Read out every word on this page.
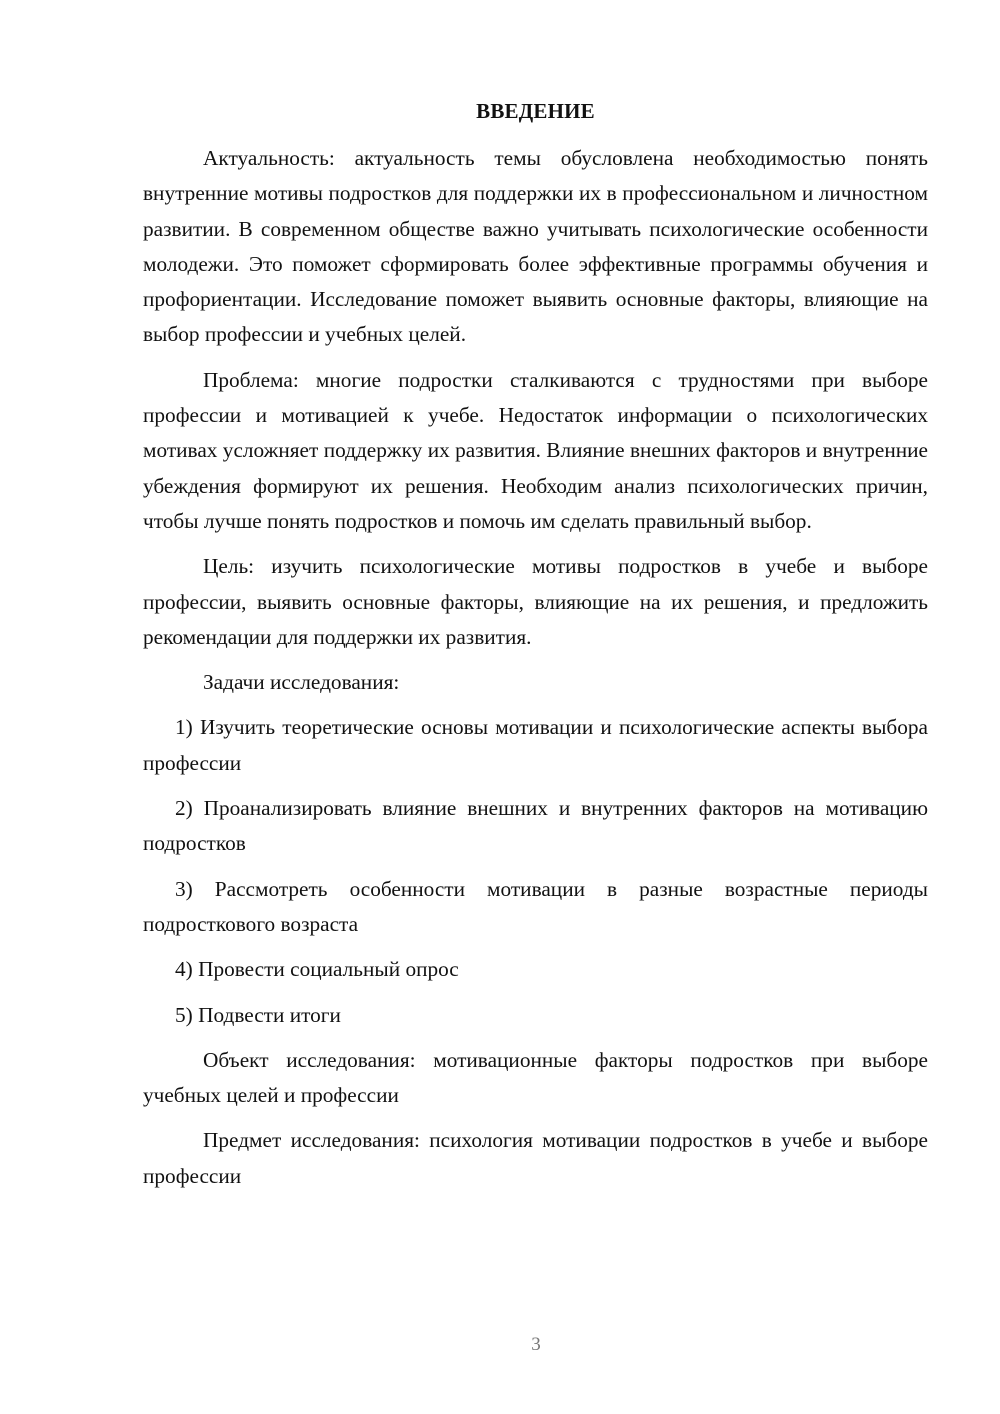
ВВЕДЕНИЕ

Актуальность: актуальность темы обусловлена необходимостью понять внутренние мотивы подростков для поддержки их в профессиональном и личностном развитии. В современном обществе важно учитывать психологические особенности молодежи. Это поможет сформировать более эффективные программы обучения и профориентации. Исследование поможет выявить основные факторы, влияющие на выбор профессии и учебных целей.

Проблема: многие подростки сталкиваются с трудностями при выборе профессии и мотивацией к учебе. Недостаток информации о психологических мотивах усложняет поддержку их развития. Влияние внешних факторов и внутренние убеждения формируют их решения. Необходим анализ психологических причин, чтобы лучше понять подростков и помочь им сделать правильный выбор.

Цель: изучить психологические мотивы подростков в учебе и выборе профессии, выявить основные факторы, влияющие на их решения, и предложить рекомендации для поддержки их развития.

Задачи исследования:

1) Изучить теоретические основы мотивации и психологические аспекты выбора профессии

2) Проанализировать влияние внешних и внутренних факторов на мотивацию подростков

3) Рассмотреть особенности мотивации в разные возрастные периоды подросткового возраста

4) Провести социальный опрос

5) Подвести итоги

Объект исследования: мотивационные факторы подростков при выборе учебных целей и профессии

Предмет исследования: психология мотивации подростков в учебе и выборе профессии

3
